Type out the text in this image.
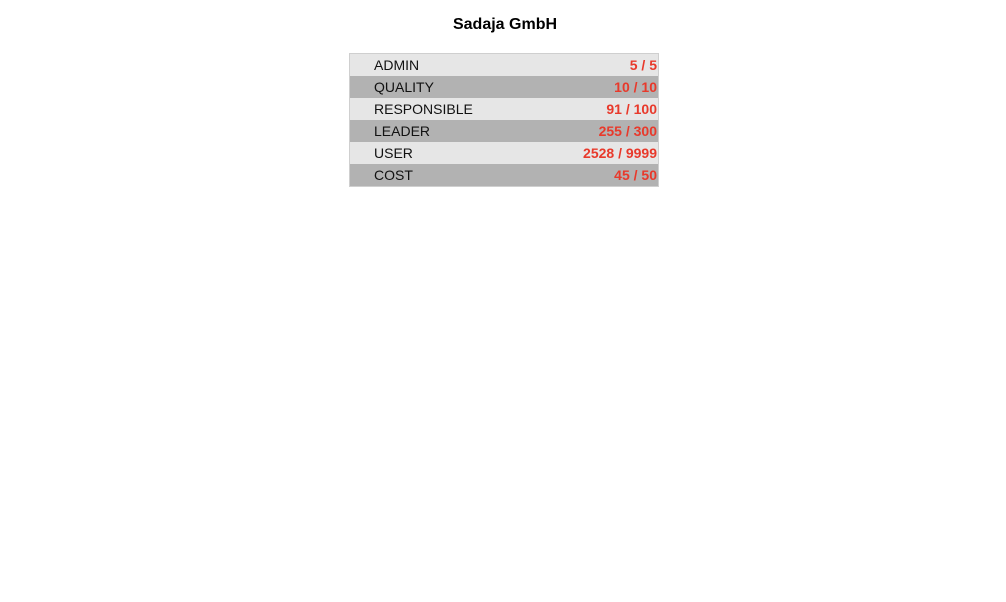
Sadaja GmbH
ADMIN	5 / 5
QUALITY	10 / 10
RESPONSIBLE	91 / 100
LEADER	255 / 300
USER	2528 / 9999
COST	45 / 50
